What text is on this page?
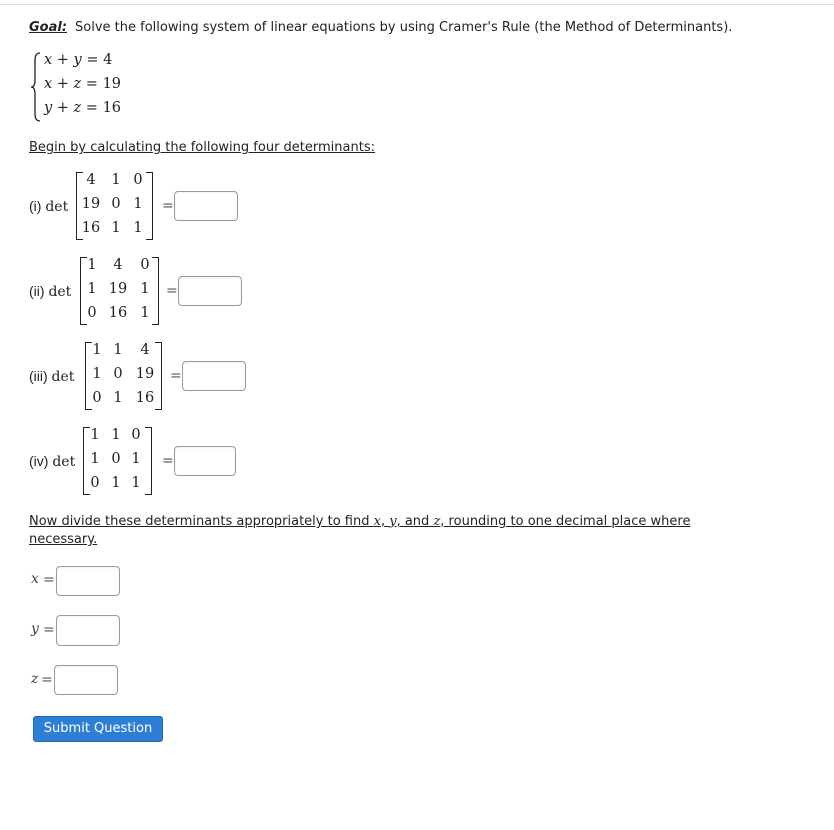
Goal: Solve the following system of linear equations by using Cramer's Rule (the Method of Determinants).
x + y = 4
x + z = 19
y + z = 16
Begin by calculating the following four determinants:
(i) det
4	1 0
19 0 1
16 1 1
=
(ii) det
1	4	0
1 19 1
0 16 1
=
(iii) det
1 1	4
1 0 19
0 1 16
=
(iv) det
1 1 0
1 0 1
0 1 1
=
Now divide these determinants appropriately to find x, y, and z, rounding to one decimal place where necessary.
x =
y =
z =
Submit Question
